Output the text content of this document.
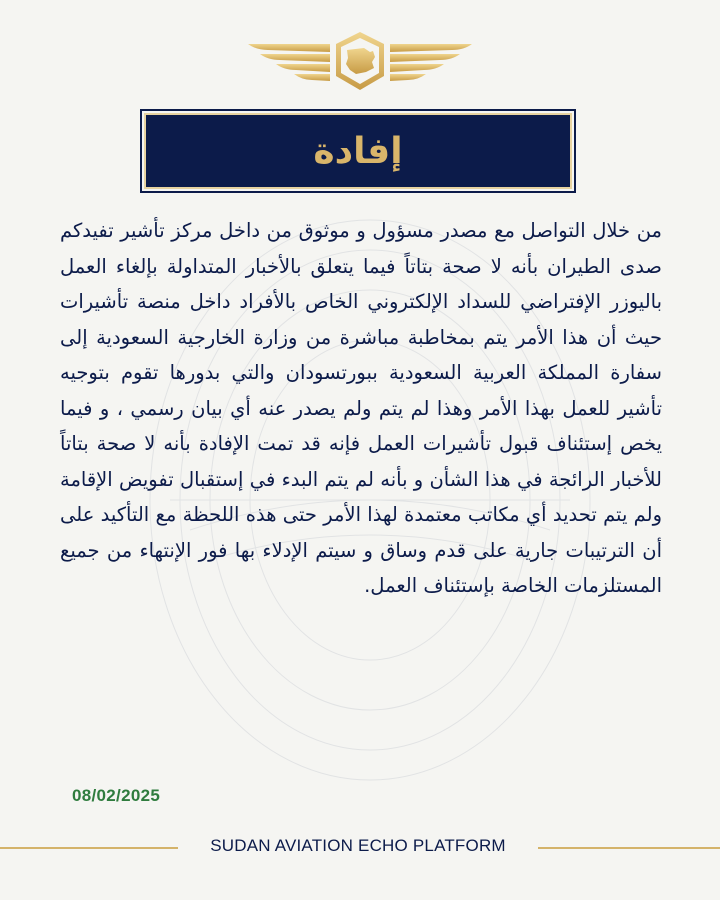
إفادة

من خلال التواصل مع مصدر مسؤول و موثوق من داخل مركز تأشير تفيدكم صدى الطيران بأنه لا صحة بتاتاً فيما يتعلق بالأخبار المتداولة بإلغاء العمل باليوزر الإفتراضي للسداد الإلكتروني الخاص بالأفراد داخل منصة تأشيرات حيث أن هذا الأمر يتم بمخاطبة مباشرة من وزارة الخارجية السعودية إلى سفارة المملكة العربية السعودية ببورتسودان والتي بدورها تقوم بتوجيه تأشير للعمل بهذا الأمر وهذا لم يتم ولم يصدر عنه أي بيان رسمي ، و فيما يخص إستئناف قبول تأشيرات العمل فإنه قد تمت الإفادة بأنه لا صحة بتاتاً للأخبار الرائجة في هذا الشأن و بأنه لم يتم البدء في إستقبال تفويض الإقامة ولم يتم تحديد أي مكاتب معتمدة لهذا الأمر حتى هذه اللحظة مع التأكيد على أن الترتيبات جارية على قدم وساق و سيتم الإدلاء بها فور الإنتهاء من جميع المستلزمات الخاصة بإستئناف العمل.

08/02/2025
SUDAN AVIATION ECHO PLATFORM
